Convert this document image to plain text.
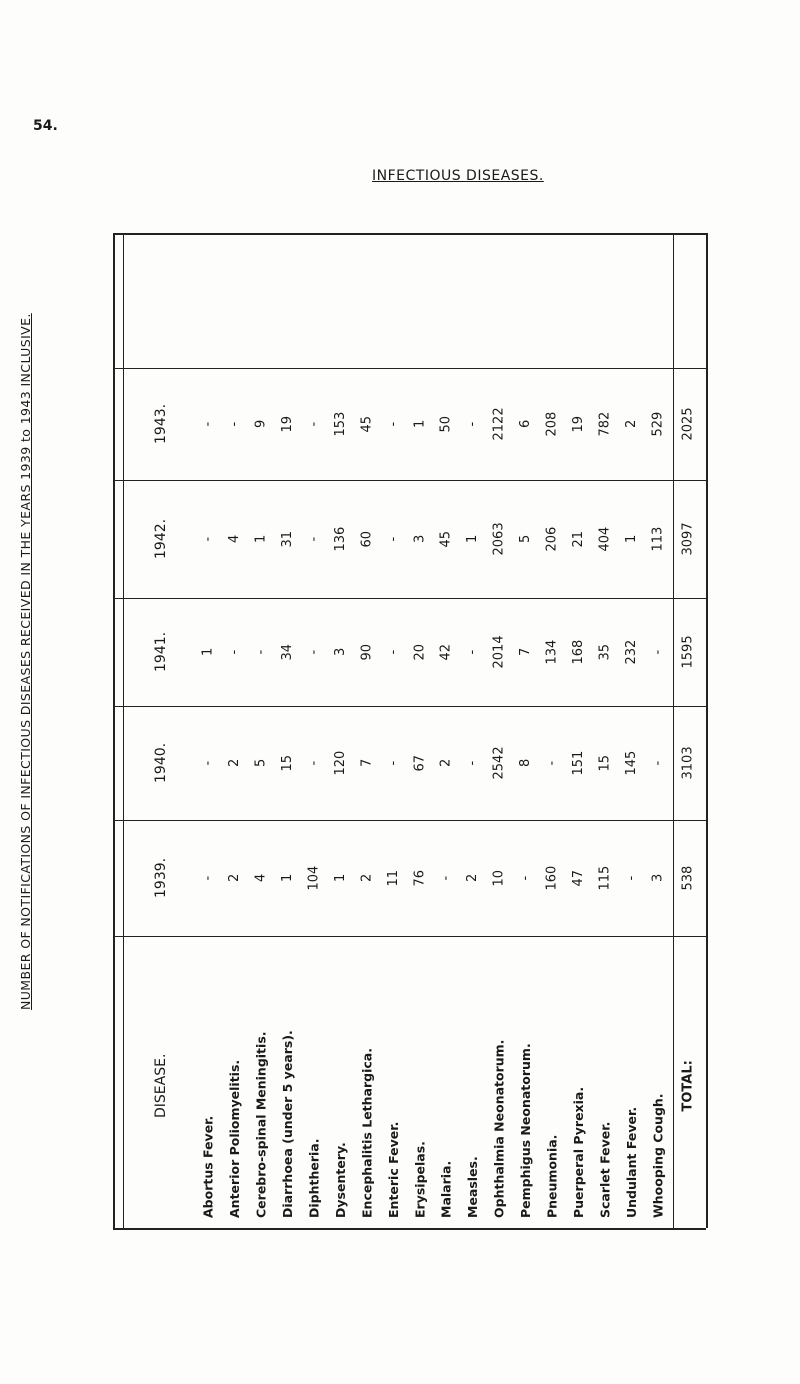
54.
NUMBER OF NOTIFICATIONS OF INFECTIOUS DISEASES RECEIVED IN THE YEARS 1939 to 1943 INCLUSIVE.
INFECTIOUS DISEASES.
1939.
1940.
1941.
1942.
1943.
DISEASE.
Abortus Fever.
-
-
1
-
-
Anterior Poliomyelitis.
2
2
-
4
-
Cerebro-spinal Meningitis.
4
5
-
1
9
Diarrhoea (under 5 years).
1
15
34
31
19
Diphtheria.
104
-
-
-
-
Dysentery.
1
120
3
136
153
Encephalitis Lethargica.
2
7
90
60
45
Enteric Fever.
11
-
-
-
-
Erysipelas.
76
67
20
3
1
Malaria.
-
2
42
45
50
Measles.
2
-
-
1
-
Ophthalmia Neonatorum.
10
2542
2014
2063
2122
Pemphigus Neonatorum.
-
8
7
5
6
Pneumonia.
160
-
134
206
208
Puerperal Pyrexia.
47
151
168
21
19
Scarlet Fever.
115
15
35
404
782
Undulant Fever.
-
145
232
1
2
Whooping Cough.
3
-
-
113
529
TOTAL:
538
3103
1595
3097
2025
